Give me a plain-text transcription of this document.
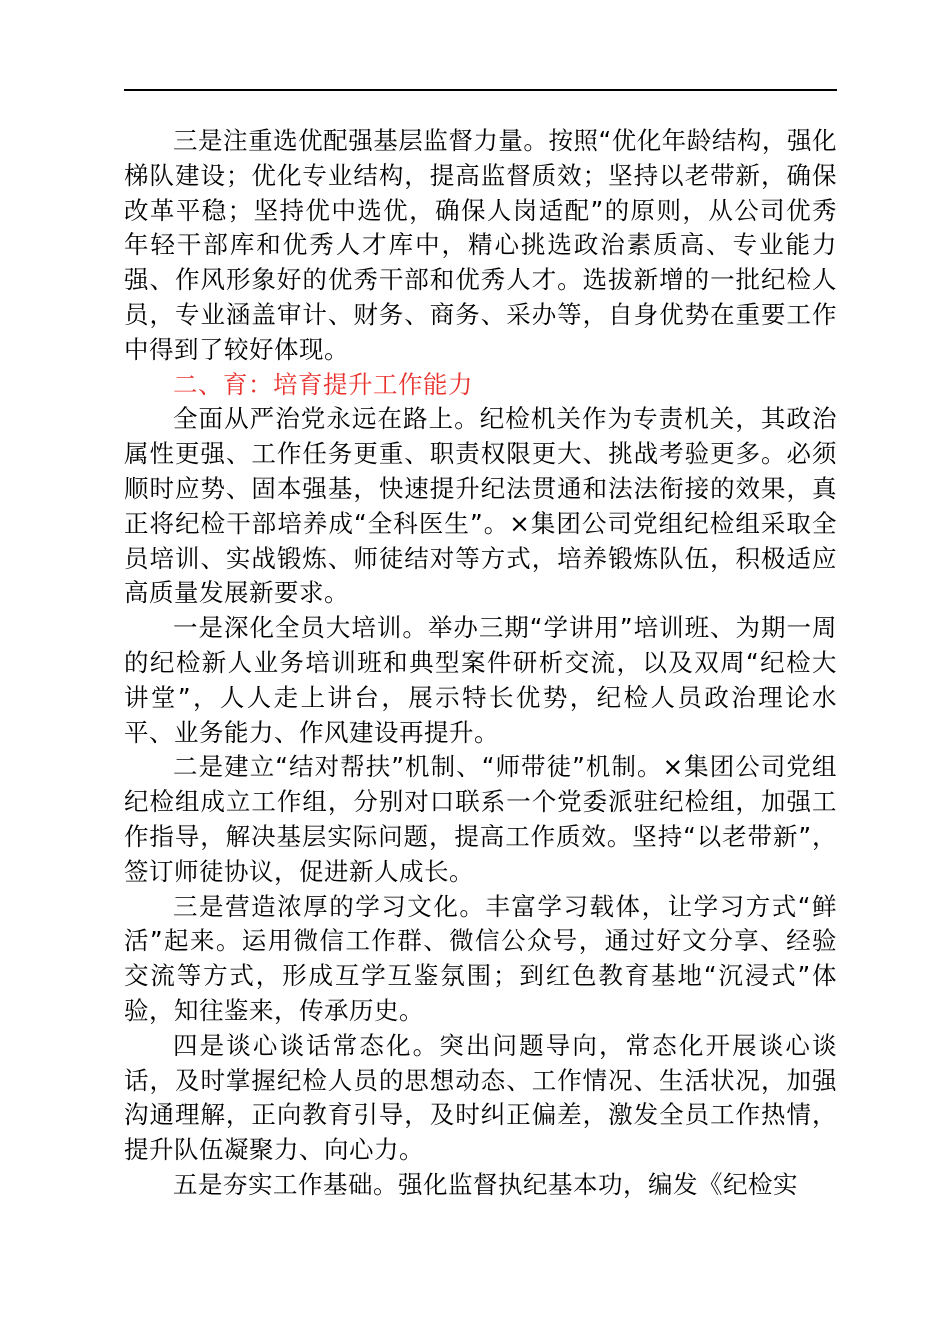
三是注重选优配强基层监督力量。按照“优化年龄结构，强化梯队建设；优化专业结构，提高监督质效；坚持以老带新，确保改革平稳；坚持优中选优，确保人岗适配”的原则，从公司优秀年轻干部库和优秀人才库中，精心挑选政治素质高、专业能力强、作风形象好的优秀干部和优秀人才。选拔新增的一批纪检人员，专业涵盖审计、财务、商务、采办等，自身优势在重要工作中得到了较好体现。

二、育：培育提升工作能力

全面从严治党永远在路上。纪检机关作为专责机关，其政治属性更强、工作任务更重、职责权限更大、挑战考验更多。必须顺时应势、固本强基，快速提升纪法贯通和法法衔接的效果，真正将纪检干部培养成“全科医生”。×集团公司党组纪检组采取全员培训、实战锻炼、师徒结对等方式，培养锻炼队伍，积极适应高质量发展新要求。

一是深化全员大培训。举办三期“学讲用”培训班、为期一周的纪检新人业务培训班和典型案件研析交流，以及双周“纪检大讲堂”，人人走上讲台，展示特长优势，纪检人员政治理论水平、业务能力、作风建设再提升。

二是建立“结对帮扶”机制、“师带徒”机制。×集团公司党组纪检组成立工作组，分别对口联系一个党委派驻纪检组，加强工作指导，解决基层实际问题，提高工作质效。坚持“以老带新”，签订师徒协议，促进新人成长。

三是营造浓厚的学习文化。丰富学习载体，让学习方式“鲜活”起来。运用微信工作群、微信公众号，通过好文分享、经验交流等方式，形成互学互鉴氛围；到红色教育基地“沉浸式”体验，知往鉴来，传承历史。

四是谈心谈话常态化。突出问题导向，常态化开展谈心谈话，及时掌握纪检人员的思想动态、工作情况、生活状况，加强沟通理解，正向教育引导，及时纠正偏差，激发全员工作热情，提升队伍凝聚力、向心力。

五是夯实工作基础。强化监督执纪基本功，编发《纪检实
